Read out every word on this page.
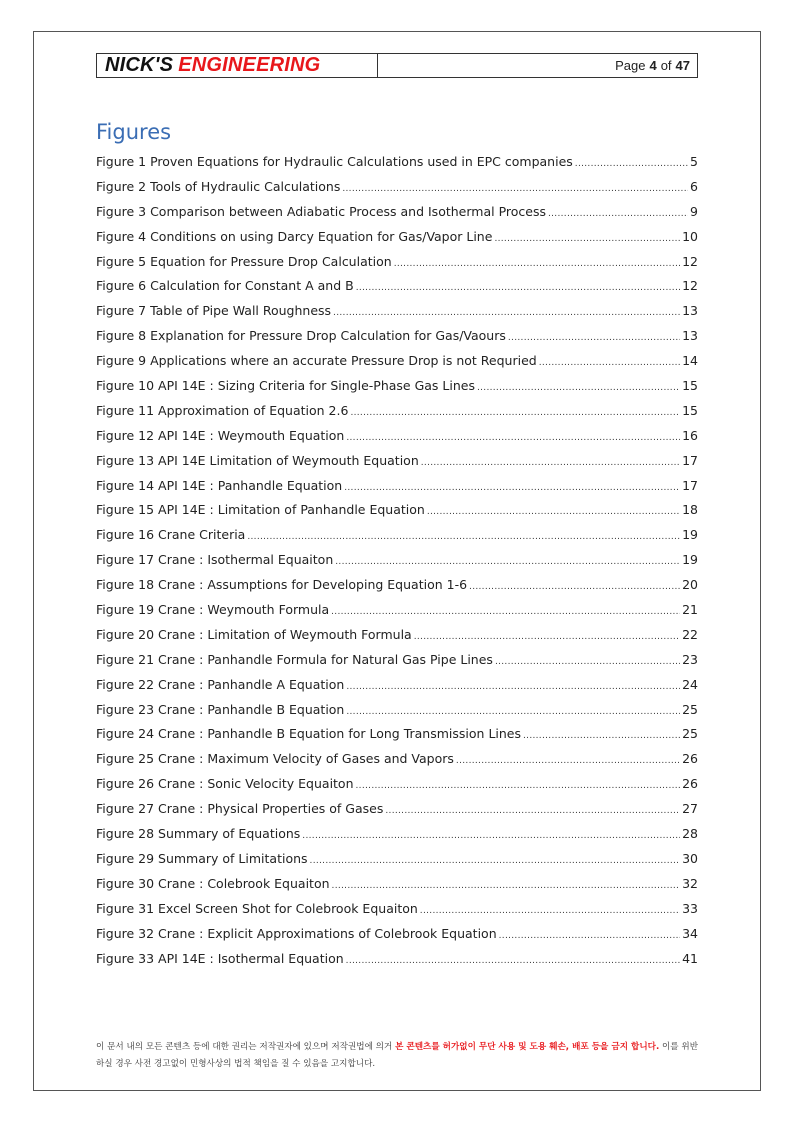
NICK'S ENGINEERING	Page 4 of 47
Figures
Figure 1 Proven Equations for Hydraulic Calculations used in EPC companies .....	5
Figure 2 Tools of Hydraulic Calculations .....	6
Figure 3 Comparison between Adiabatic Process and Isothermal Process .....	9
Figure 4 Conditions on using Darcy Equation for Gas/Vapor Line .....	10
Figure 5 Equation for Pressure Drop Calculation .....	12
Figure 6 Calculation for Constant A and B .....	12
Figure 7 Table of Pipe Wall Roughness .....	13
Figure 8 Explanation for Pressure Drop Calculation for Gas/Vaours .....	13
Figure 9 Applications where an accurate Pressure Drop is not Requried .....	14
Figure 10 API 14E : Sizing Criteria for Single-Phase Gas Lines .....	15
Figure 11 Approximation of Equation 2.6 .....	15
Figure 12 API 14E : Weymouth Equation .....	16
Figure 13 API 14E Limitation of Weymouth Equation .....	17
Figure 14 API 14E : Panhandle Equation .....	17
Figure 15 API 14E : Limitation of Panhandle Equation .....	18
Figure 16 Crane Criteria .....	19
Figure 17 Crane : Isothermal Equaiton .....	19
Figure 18 Crane : Assumptions for Developing Equation 1-6 .....	20
Figure 19 Crane : Weymouth Formula .....	21
Figure 20 Crane : Limitation of Weymouth Formula .....	22
Figure 21 Crane : Panhandle Formula for Natural Gas Pipe Lines .....	23
Figure 22 Crane : Panhandle A Equation .....	24
Figure 23 Crane : Panhandle B Equation .....	25
Figure 24 Crane : Panhandle B Equation for Long Transmission Lines .....	25
Figure 25 Crane : Maximum Velocity of Gases and Vapors .....	26
Figure 26 Crane : Sonic Velocity Equaiton .....	26
Figure 27 Crane : Physical Properties of Gases .....	27
Figure 28 Summary of Equations .....	28
Figure 29 Summary of Limitations .....	30
Figure 30 Crane : Colebrook Equaiton .....	32
Figure 31 Excel Screen Shot for Colebrook Equaiton .....	33
Figure 32 Crane : Explicit Approximations of Colebrook Equation .....	34
Figure 33 API 14E : Isothermal Equation .....	41
이 문서 내의 모든 콘텐츠 등에 대한 권리는 저작권자에 있으며 저작권법에 의거 본 콘텐츠를 허가없이 무단 사용 및 도용 훼손, 배포 등을 금지 합니다. 이를 위반 하실 경우 사전 경고없이 민형사상의 법적 책임을 질 수 있음을 고지합니다.
